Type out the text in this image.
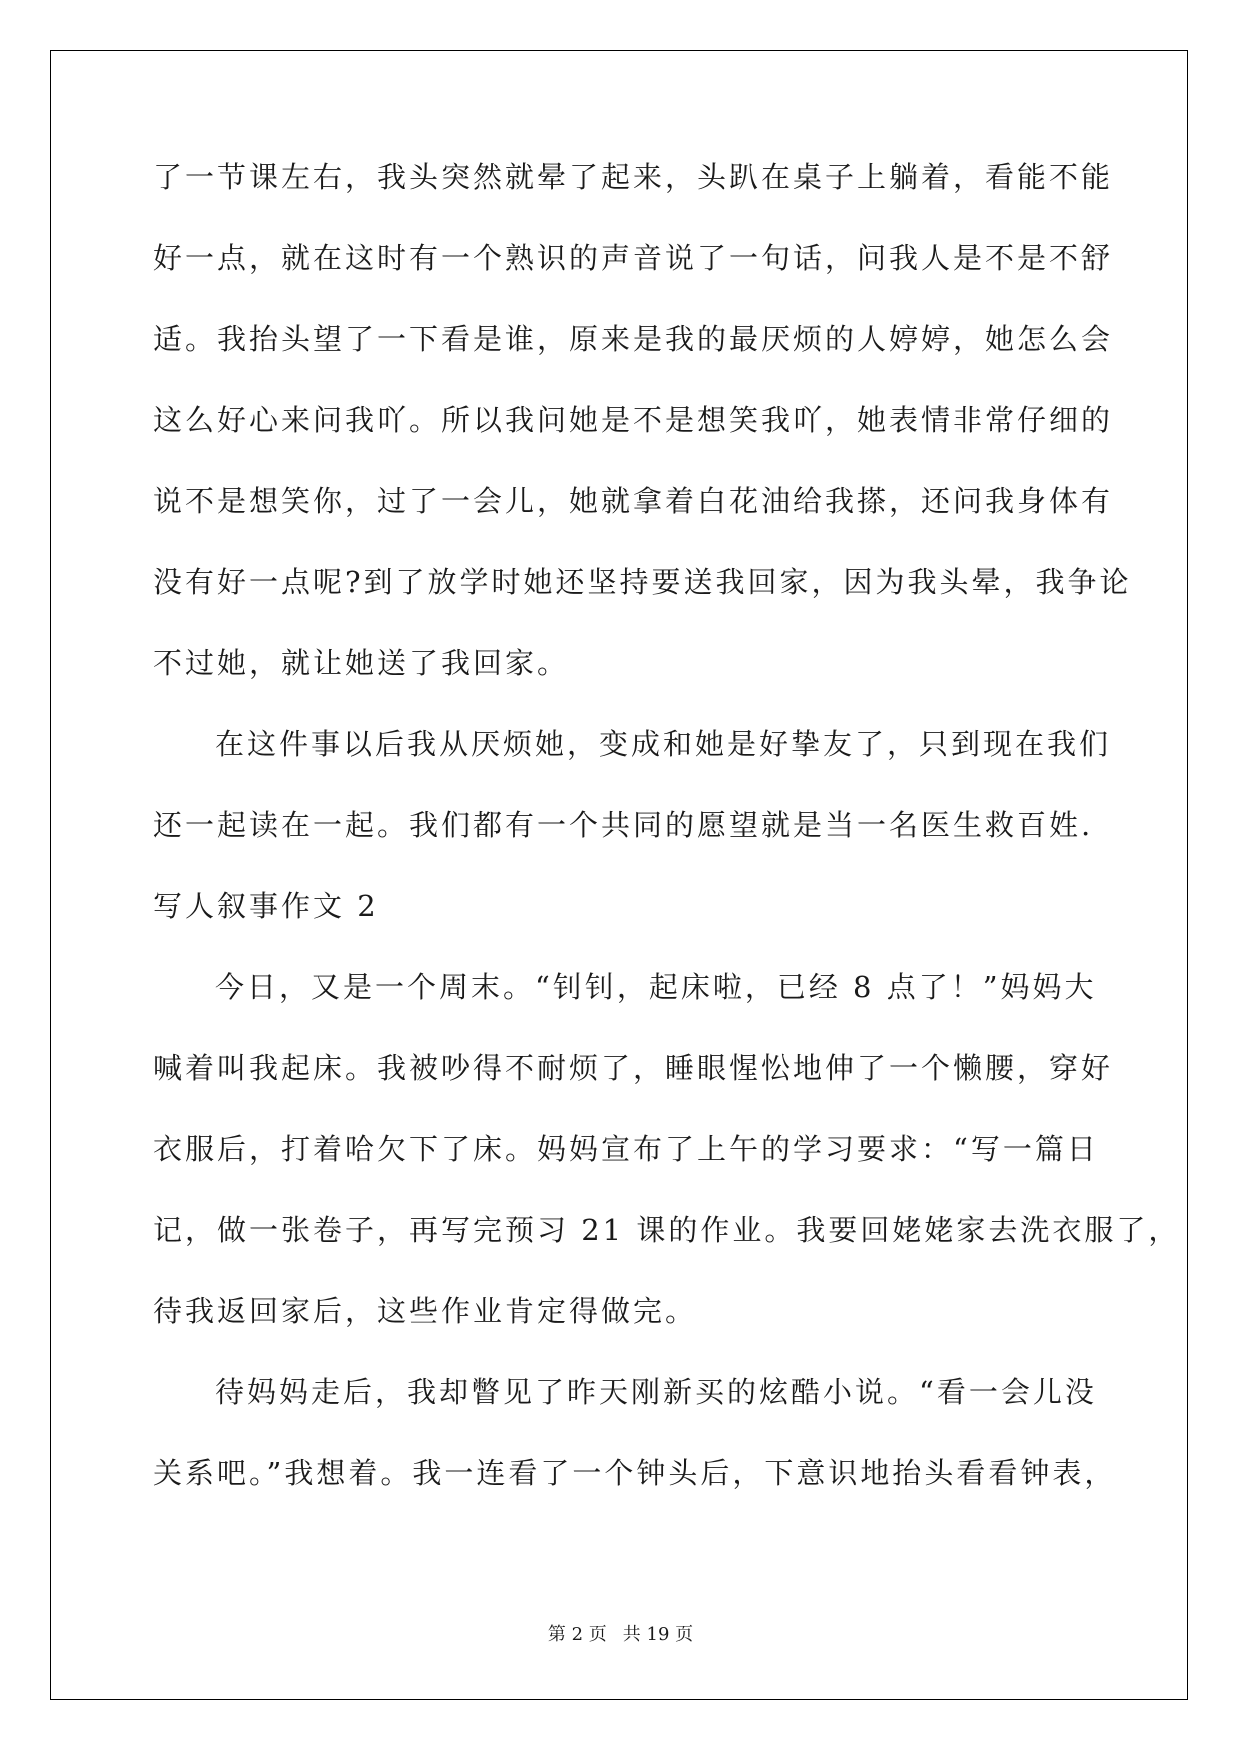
了一节课左右，我头突然就晕了起来，头趴在桌子上躺着，看能不能
好一点，就在这时有一个熟识的声音说了一句话，问我人是不是不舒
适。我抬头望了一下看是谁，原来是我的最厌烦的人婷婷，她怎么会
这么好心来问我吖。所以我问她是不是想笑我吖，她表情非常仔细的
说不是想笑你，过了一会儿，她就拿着白花油给我搽，还问我身体有
没有好一点呢?到了放学时她还坚持要送我回家，因为我头晕，我争论
不过她，就让她送了我回家。
在这件事以后我从厌烦她，变成和她是好挚友了，只到现在我们
还一起读在一起。我们都有一个共同的愿望就是当一名医生救百姓.
写人叙事作文 2
今日，又是一个周末。“钊钊，起床啦，已经 8 点了！”妈妈大
喊着叫我起床。我被吵得不耐烦了，睡眼惺忪地伸了一个懒腰，穿好
衣服后，打着哈欠下了床。妈妈宣布了上午的学习要求：“写一篇日
记，做一张卷子，再写完预习 21 课的作业。我要回姥姥家去洗衣服了，
待我返回家后，这些作业肯定得做完。
待妈妈走后，我却瞥见了昨天刚新买的炫酷小说。“看一会儿没
关系吧。”我想着。我一连看了一个钟头后，下意识地抬头看看钟表，
第 2 页 共 19 页
